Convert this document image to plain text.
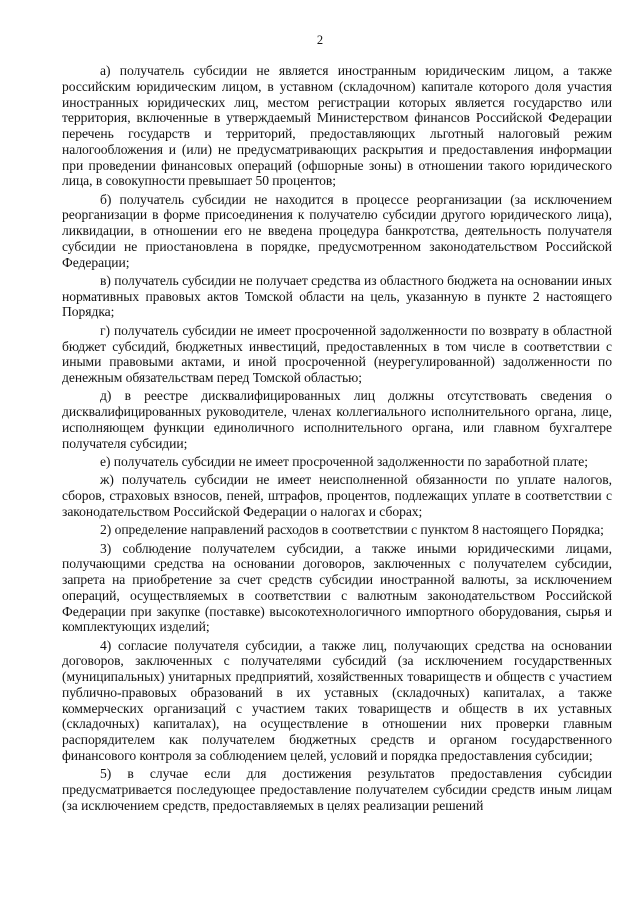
2

а) получатель субсидии не является иностранным юридическим лицом, а также российским юридическим лицом, в уставном (складочном) капитале которого доля участия иностранных юридических лиц, местом регистрации которых является государство или территория, включенные в утверждаемый Министерством финансов Российской Федерации перечень государств и территорий, предоставляющих льготный налоговый режим налогообложения и (или) не предусматривающих раскрытия и предоставления информации при проведении финансовых операций (офшорные зоны) в отношении такого юридического лица, в совокупности превышает 50 процентов;

б) получатель субсидии не находится в процессе реорганизации (за исключением реорганизации в форме присоединения к получателю субсидии другого юридического лица), ликвидации, в отношении его не введена процедура банкротства, деятельность получателя субсидии не приостановлена в порядке, предусмотренном законодательством Российской Федерации;

в) получатель субсидии не получает средства из областного бюджета на основании иных нормативных правовых актов Томской области на цель, указанную в пункте 2 настоящего Порядка;

г) получатель субсидии не имеет просроченной задолженности по возврату в областной бюджет субсидий, бюджетных инвестиций, предоставленных в том числе в соответствии с иными правовыми актами, и иной просроченной (неурегулированной) задолженности по денежным обязательствам перед Томской областью;

д) в реестре дисквалифицированных лиц должны отсутствовать сведения о дисквалифицированных руководителе, членах коллегиального исполнительного органа, лице, исполняющем функции единоличного исполнительного органа, или главном бухгалтере получателя субсидии;

е) получатель субсидии не имеет просроченной задолженности по заработной плате;

ж) получатель субсидии не имеет неисполненной обязанности по уплате налогов, сборов, страховых взносов, пеней, штрафов, процентов, подлежащих уплате в соответствии с законодательством Российской Федерации о налогах и сборах;

2) определение направлений расходов в соответствии с пунктом 8 настоящего Порядка;

3) соблюдение получателем субсидии, а также иными юридическими лицами, получающими средства на основании договоров, заключенных с получателем субсидии, запрета на приобретение за счет средств субсидии иностранной валюты, за исключением операций, осуществляемых в соответствии с валютным законодательством Российской Федерации при закупке (поставке) высокотехнологичного импортного оборудования, сырья и комплектующих изделий;

4) согласие получателя субсидии, а также лиц, получающих средства на основании договоров, заключенных с получателями субсидий (за исключением государственных (муниципальных) унитарных предприятий, хозяйственных товариществ и обществ с участием публично-правовых образований в их уставных (складочных) капиталах, а также коммерческих организаций с участием таких товариществ и обществ в их уставных (складочных) капиталах), на осуществление в отношении них проверки главным распорядителем как получателем бюджетных средств и органом государственного финансового контроля за соблюдением целей, условий и порядка предоставления субсидии;

5) в случае если для достижения результатов предоставления субсидии предусматривается последующее предоставление получателем субсидии средств иным лицам (за исключением средств, предоставляемых в целях реализации решений
